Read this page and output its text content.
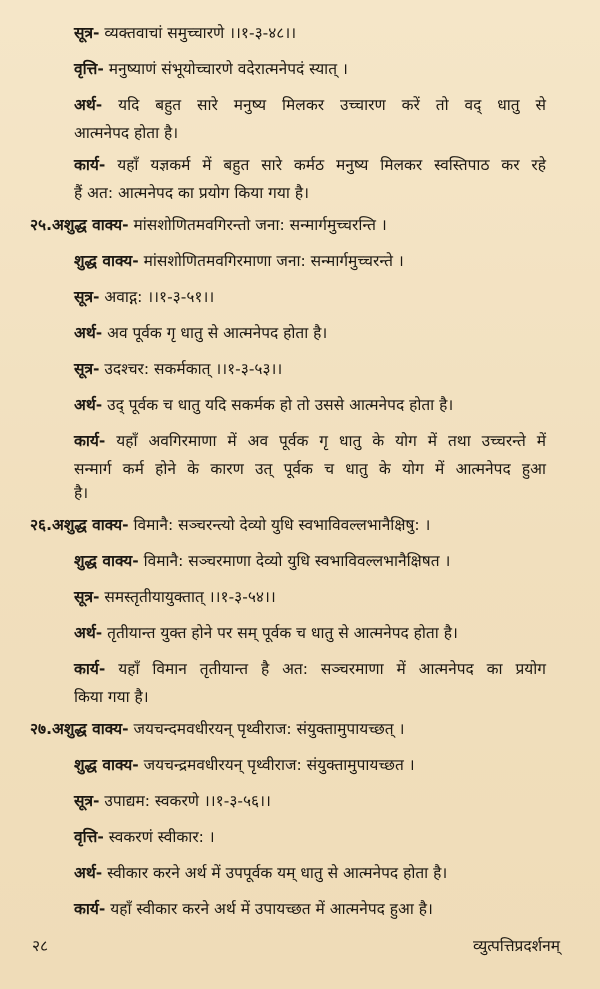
सूत्र- व्यक्तवाचां समुच्चारणे ।।१-३-४८।।
वृत्ति- मनुष्याणं संभूयोच्चारणे वदेरात्मनेपदं स्यात् ।
अर्थ- यदि बहुत सारे मनुष्य मिलकर उच्चारण करें तो वद् धातु से
आत्मनेपद होता है।
कार्य- यहाँ यज्ञकर्म में बहुत सारे कर्मठ मनुष्य मिलकर स्वस्तिपाठ कर रहे
हैं अत: आत्मनेपद का प्रयोग किया गया है।
२५.अशुद्ध वाक्य- मांसशोणितमवगिरन्तो जना: सन्मार्गमुच्चरन्ति ।
शुद्ध वाक्य- मांसशोणितमवगिरमाणा जना: सन्मार्गमुच्चरन्ते ।
सूत्र- अवाद्ग: ।।१-३-५१।।
अर्थ- अव पूर्वक गृ धातु से आत्मनेपद होता है।
सूत्र- उदश्चर: सकर्मकात् ।।१-३-५३।।
अर्थ- उद् पूर्वक च धातु यदि सकर्मक हो तो उससे आत्मनेपद होता है।
कार्य- यहाँ अवगिरमाणा में अव पूर्वक गृ धातु के योग में तथा उच्चरन्ते में
सन्मार्ग कर्म होने के कारण उत् पूर्वक च धातु के योग में आत्मनेपद हुआ
है।
२६.अशुद्ध वाक्य- विमानै: सञ्चरन्त्यो देव्यो युधि स्वभाविवल्लभानैक्षिषु: ।
शुद्ध वाक्य- विमानै: सञ्चरमाणा देव्यो युधि स्वभाविवल्लभानैक्षिषत ।
सूत्र- समस्तृतीयायुक्तात् ।।१-३-५४।।
अर्थ- तृतीयान्त युक्त होने पर सम् पूर्वक च धातु से आत्मनेपद होता है।
कार्य- यहाँ विमान तृतीयान्त है अत: सञ्चरमाणा में आत्मनेपद का प्रयोग
किया गया है।
२७.अशुद्ध वाक्य- जयचन्दमवधीरयन् पृथ्वीराज: संयुक्तामुपायच्छत् ।
शुद्ध वाक्य- जयचन्द्रमवधीरयन् पृथ्वीराज: संयुक्तामुपायच्छत ।
सूत्र- उपाद्यम: स्वकरणे ।।१-३-५६।।
वृत्ति- स्वकरणं स्वीकार: ।
अर्थ- स्वीकार करने अर्थ में उपपूर्वक यम् धातु से आत्मनेपद होता है।
कार्य- यहाँ स्वीकार करने अर्थ में उपायच्छत में आत्मनेपद हुआ है।
२८	व्युत्पत्तिप्रदर्शनम्
